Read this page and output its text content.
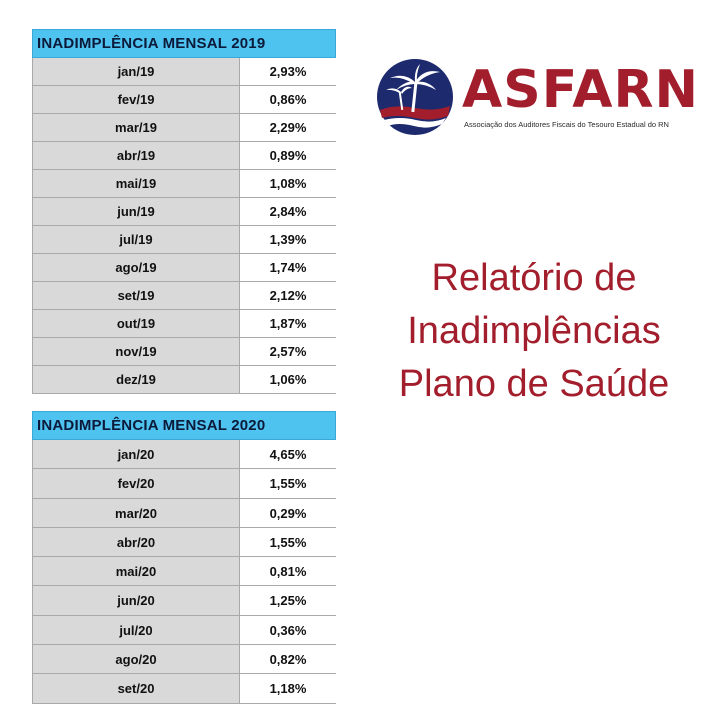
INADIMPLÊNCIA MENSAL 2019
jan/19	2,93%
fev/19	0,86%
mar/19	2,29%
abr/19	0,89%
mai/19	1,08%
jun/19	2,84%
jul/19	1,39%
ago/19	1,74%
set/19	2,12%
out/19	1,87%
nov/19	2,57%
dez/19	1,06%
INADIMPLÊNCIA MENSAL 2020
jan/20	4,65%
fev/20	1,55%
mar/20	0,29%
abr/20	1,55%
mai/20	0,81%
jun/20	1,25%
jul/20	0,36%
ago/20	0,82%
set/20	1,18%
ASFARN
Associação dos Auditores Fiscais do Tesouro Estadual do RN
Relatório de
Inadimplências
Plano de Saúde
